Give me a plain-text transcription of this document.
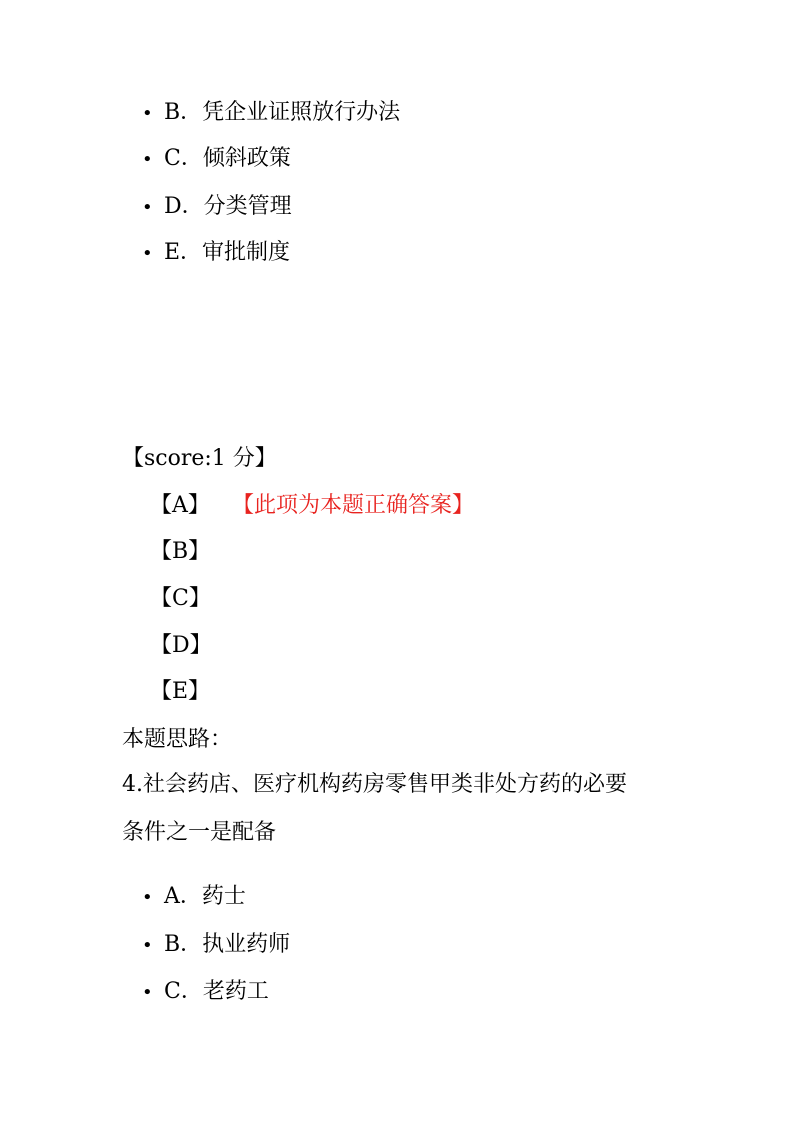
• B．凭企业证照放行办法
• C．倾斜政策
• D．分类管理
• E．审批制度
【score:1 分】
【A】 【此项为本题正确答案】
【B】
【C】
【D】
【E】
本题思路：
4.社会药店、医疗机构药房零售甲类非处方药的必要
条件之一是配备
• A．药士
• B．执业药师
• C．老药工
